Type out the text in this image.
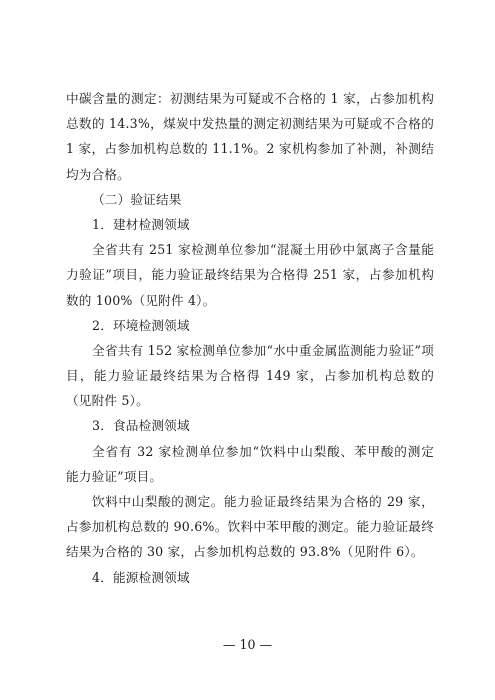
中碳含量的测定：初测结果为可疑或不合格的 1 家，占参加机构
总数的 14.3%，煤炭中发热量的测定初测结果为可疑或不合格的
1 家，占参加机构总数的 11.1%。2 家机构参加了补测，补测结
均为合格。
（二）验证结果
1．建材检测领域
全省共有 251 家检测单位参加“混凝土用砂中氯离子含量能
力验证”项目，能力验证最终结果为合格得 251 家，占参加机构
数的 100%（见附件 4）。
2．环境检测领域
全省共有 152 家检测单位参加“水中重金属监测能力验证”项
目，能力验证最终结果为合格得 149 家，占参加机构总数的
（见附件 5）。
3．食品检测领域
全省有 32 家检测单位参加“饮料中山梨酸、苯甲酸的测定
能力验证”项目。
饮料中山梨酸的测定。能力验证最终结果为合格的 29 家，
占参加机构总数的 90.6%。饮料中苯甲酸的测定。能力验证最终
结果为合格的 30 家，占参加机构总数的 93.8%（见附件 6）。
4．能源检测领域
— 10 —
